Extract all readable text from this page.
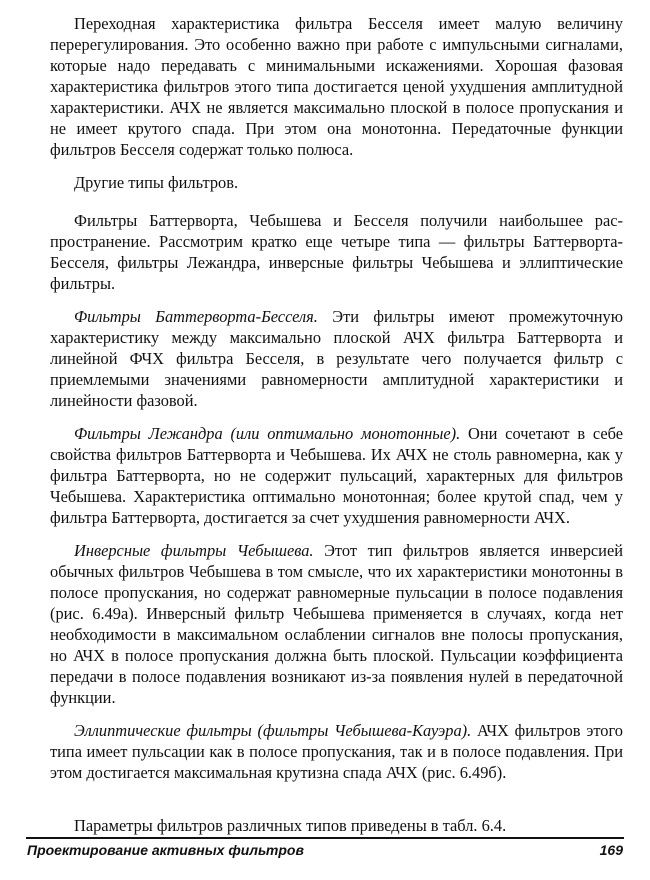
Переходная характеристика фильтра Бесселя имеет малую величину перерегулирования. Это особенно важно при работе с импульсными сигналами, которые надо передавать с минимальными искажениями. Хорошая фазовая характеристика фильтров этого типа достигается ценой ухудшения амплитудной характеристики. АЧХ не является максимально плоской в полосе пропускания и не имеет крутого спада. При этом она монотонна. Передаточные функции фильтров Бесселя содержат только полюса.

Другие типы фильтров.

Фильтры Баттерворта, Чебышева и Бесселя получили наибольшее распространение. Рассмотрим кратко еще четыре типа — фильтры Баттерворта-Бесселя, фильтры Лежандра, инверсные фильтры Чебышева и эллиптические фильтры.

Фильтры Баттерворта-Бесселя. Эти фильтры имеют промежуточную характеристику между максимально плоской АЧХ фильтра Баттерворта и линейной ФЧХ фильтра Бесселя, в результате чего получается фильтр с приемлемыми значениями равномерности амплитудной характеристики и линейности фазовой.

Фильтры Лежандра (или оптимально монотонные). Они сочетают в себе свойства фильтров Баттерворта и Чебышева. Их АЧХ не столь равномерна, как у фильтра Баттерворта, но не содержит пульсаций, характерных для фильтров Чебышева. Характеристика оптимально монотонная; более крутой спад, чем у фильтра Баттерворта, достигается за счет ухудшения равномерности АЧХ.

Инверсные фильтры Чебышева. Этот тип фильтров является инверсией обычных фильтров Чебышева в том смысле, что их характеристики монотонны в полосе пропускания, но содержат равномерные пульсации в полосе подавления (рис. 6.49а). Инверсный фильтр Чебышева применяется в случаях, когда нет необходимости в максимальном ослаблении сигналов вне полосы пропускания, но АЧХ в полосе пропускания должна быть плоской. Пульсации коэффициента передачи в полосе подавления возникают из-за появления нулей в передаточной функции.

Эллиптические фильтры (фильтры Чебышева-Кауэра). АЧХ фильтров этого типа имеет пульсации как в полосе пропускания, так и в полосе подавления. При этом достигается максимальная крутизна спада АЧХ (рис. 6.49б).

Параметры фильтров различных типов приведены в табл. 6.4.

Проектирование активных фильтров	169
